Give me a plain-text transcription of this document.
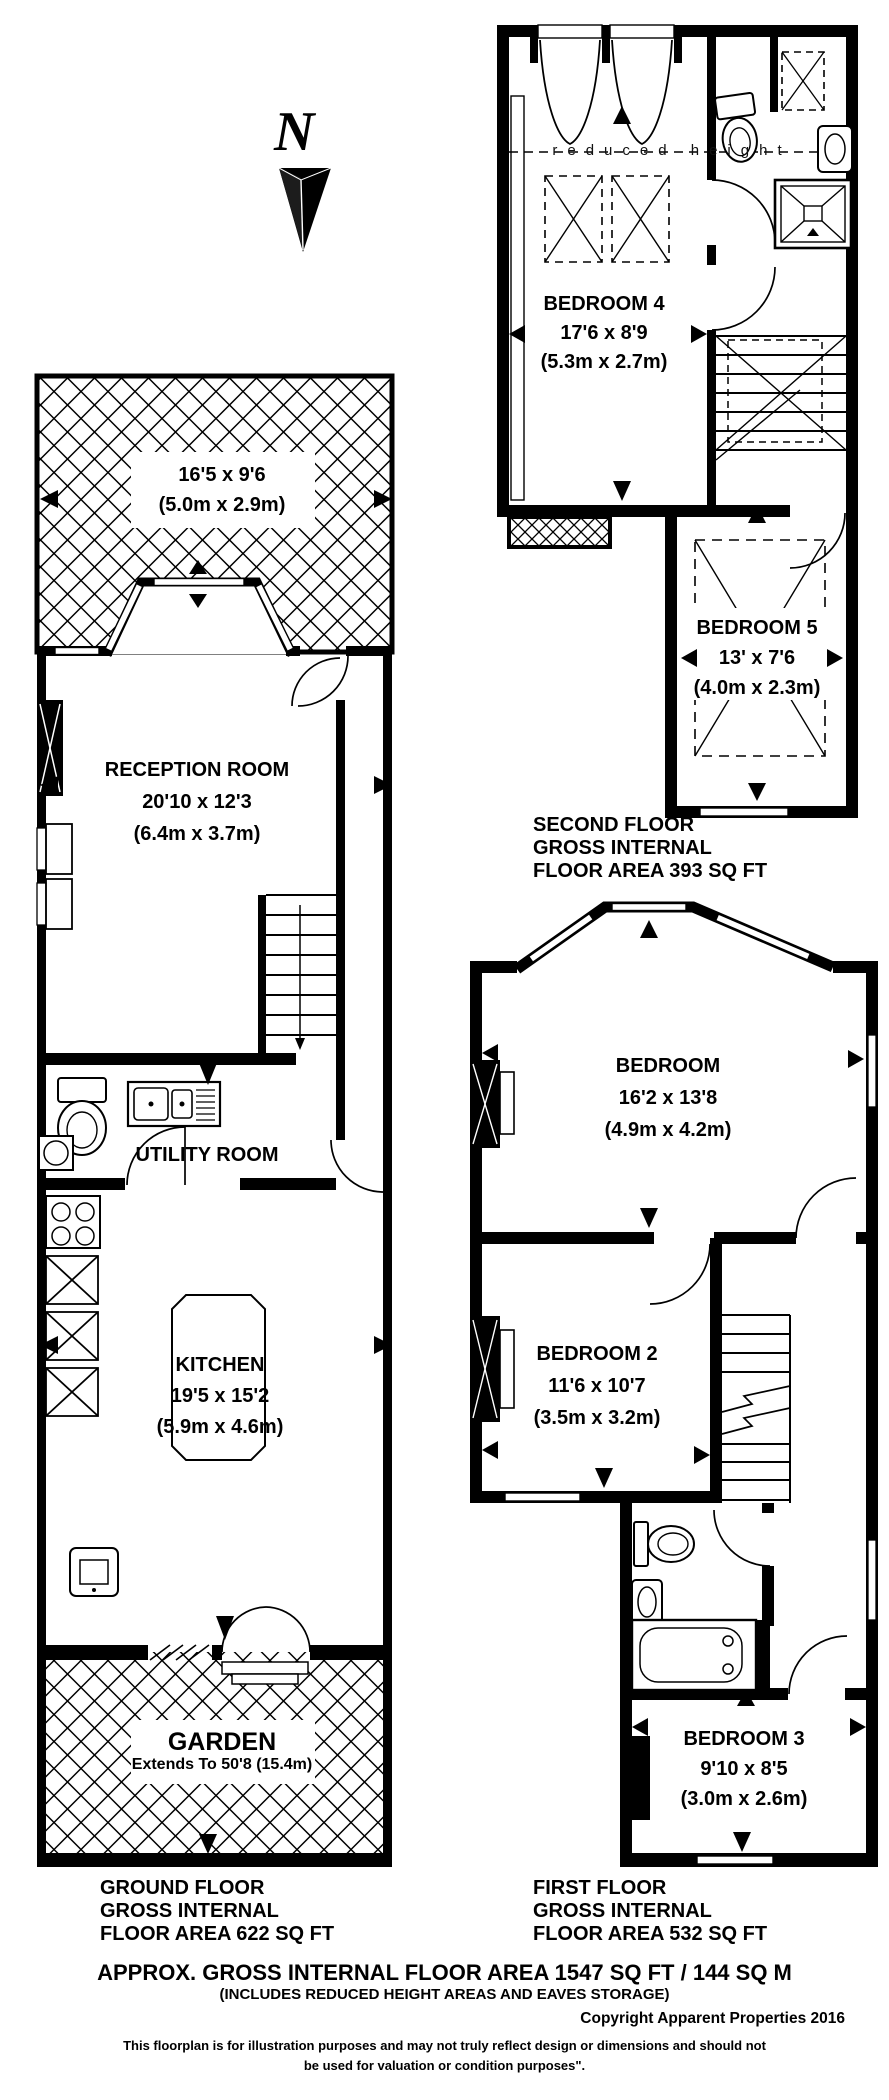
N
16'5 x 9'6
(5.0m x 2.9m)
RECEPTION ROOM
20'10 x 12'3
(6.4m x 3.7m)
UTILITY ROOM
KITCHEN
19'5 x 15'2
(5.9m x 4.6m)
GARDEN
Extends To 50'8 (15.4m)
reduced height
BEDROOM 4
17'6 x 8'9
(5.3m x 2.7m)
BEDROOM 5
13' x 7'6
(4.0m x 2.3m)
BEDROOM
16'2 x 13'8
(4.9m x 4.2m)
BEDROOM 2
11'6 x 10'7
(3.5m x 3.2m)
BEDROOM 3
9'10 x 8'5
(3.0m x 2.6m)
SECOND FLOOR
GROSS INTERNAL
FLOOR AREA 393 SQ FT
GROUND FLOOR
GROSS INTERNAL
FLOOR AREA 622 SQ FT
FIRST FLOOR
GROSS INTERNAL
FLOOR AREA 532 SQ FT
APPROX. GROSS INTERNAL FLOOR AREA 1547 SQ FT / 144 SQ M
(INCLUDES REDUCED HEIGHT AREAS AND EAVES STORAGE)
Copyright Apparent Properties 2016
This floorplan is for illustration purposes and may not truly reflect design or dimensions and should not
be used for valuation or condition purposes".
